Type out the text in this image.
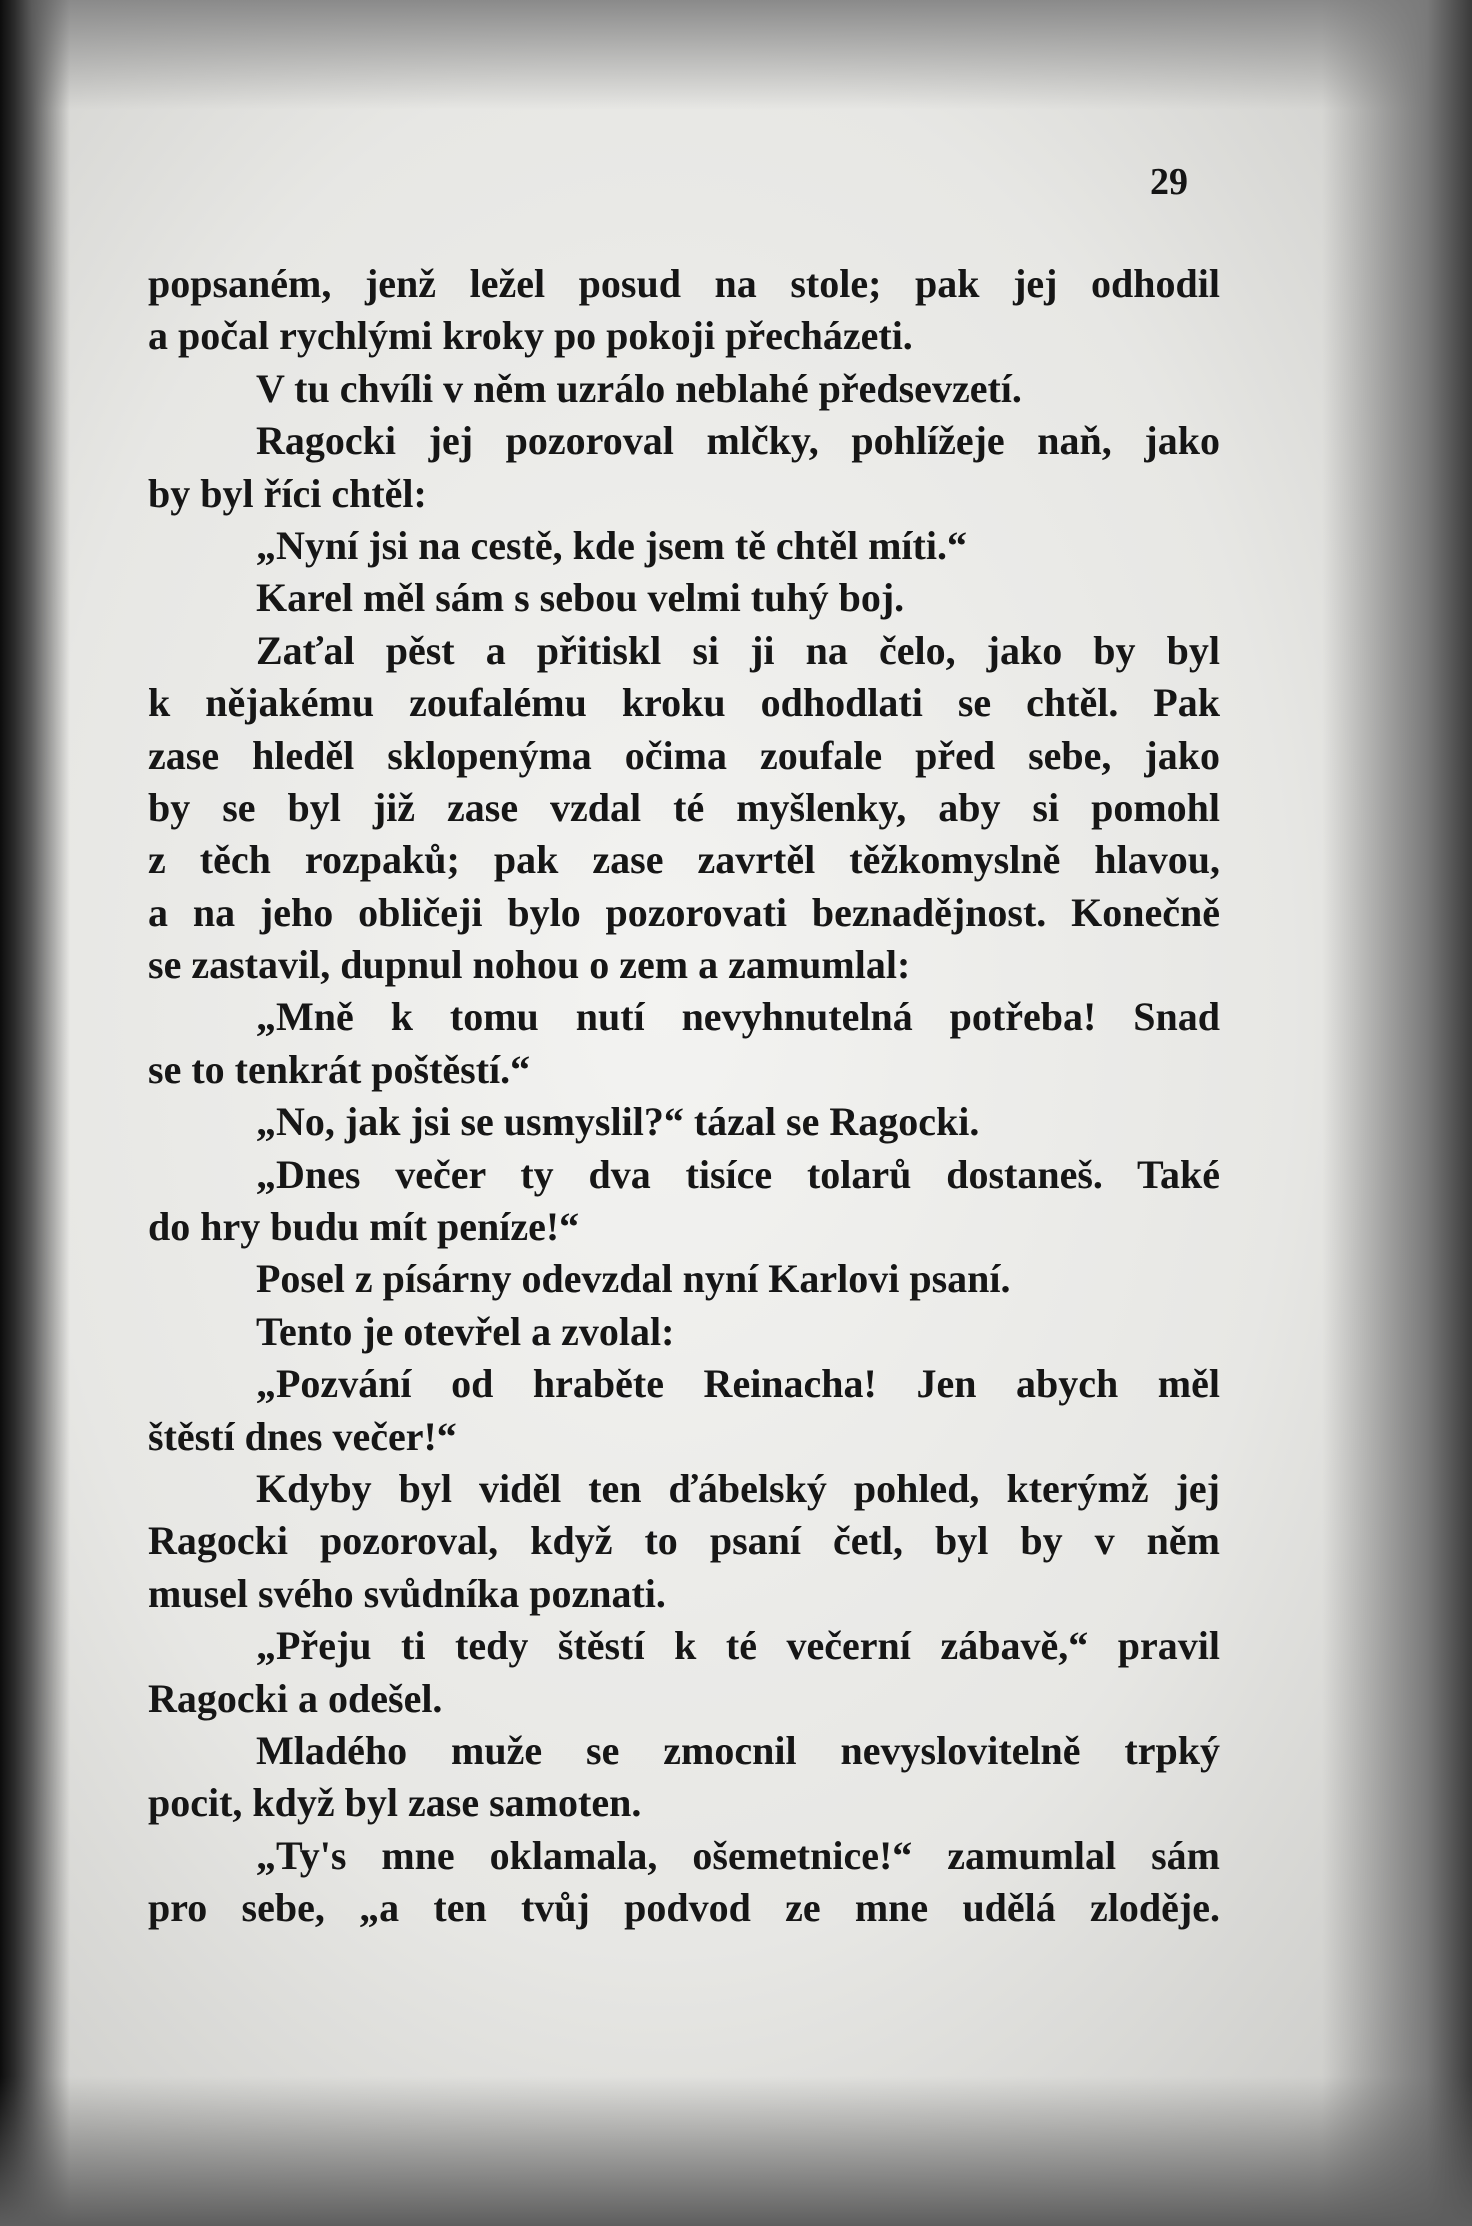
29
popsaném, jenž ležel posud na stole; pak jej odhodil
a počal rychlými kroky po pokoji přecházeti.
V tu chvíli v něm uzrálo neblahé předsevzetí.
Ragocki jej pozoroval mlčky, pohlížeje naň, jako
by byl říci chtěl:
„Nyní jsi na cestě, kde jsem tě chtěl míti.“
Karel měl sám s sebou velmi tuhý boj.
Zaťal pěst a přitiskl si ji na čelo, jako by byl
k nějakému zoufalému kroku odhodlati se chtěl. Pak
zase hleděl sklopenýma očima zoufale před sebe, jako
by se byl již zase vzdal té myšlenky, aby si pomohl
z těch rozpaků; pak zase zavrtěl těžkomyslně hlavou,
a na jeho obličeji bylo pozorovati beznadějnost. Konečně
se zastavil, dupnul nohou o zem a zamumlal:
„Mně k tomu nutí nevyhnutelná potřeba! Snad
se to tenkrát poštěstí.“
„No, jak jsi se usmyslil?“ tázal se Ragocki.
„Dnes večer ty dva tisíce tolarů dostaneš. Také
do hry budu mít peníze!“
Posel z písárny odevzdal nyní Karlovi psaní.
Tento je otevřel a zvolal:
„Pozvání od hraběte Reinacha! Jen abych měl
štěstí dnes večer!“
Kdyby byl viděl ten ďábelský pohled, kterýmž jej
Ragocki pozoroval, když to psaní četl, byl by v něm
musel svého svůdníka poznati.
„Přeju ti tedy štěstí k té večerní zábavě,“ pravil
Ragocki a odešel.
Mladého muže se zmocnil nevyslovitelně trpký
pocit, když byl zase samoten.
„Ty's mne oklamala, ošemetnice!“ zamumlal sám
pro sebe, „a ten tvůj podvod ze mne udělá zloděje.
